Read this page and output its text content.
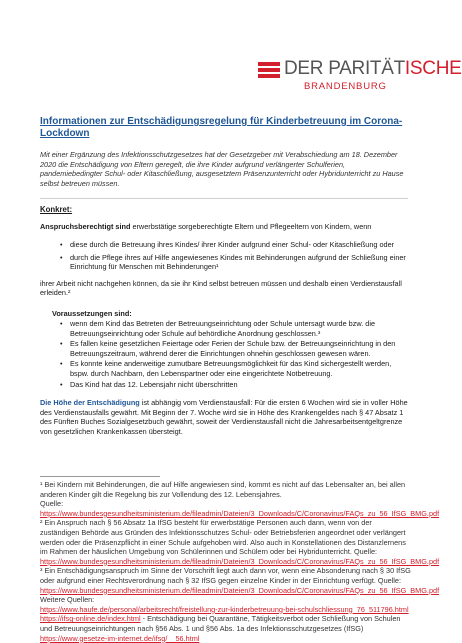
DER PARITÄTISCHE
BRANDENBURG
Informationen zur Entschädigungsregelung für Kinderbetreuung im Corona-Lockdown

Mit einer Ergänzung des Infektionsschutzgesetzes hat der Gesetzgeber mit Verabschiedung am 18. Dezember 2020 die Entschädigung von Eltern geregelt, die ihre Kinder aufgrund verlängerter Schulferien, pandemiebedingter Schul- oder Kitaschließung, ausgesetztem Präsenzunterricht oder Hybridunterricht zu Hause selbst betreuen müssen.

Konkret:

Anspruchsberechtigt sind erwerbstätige sorgeberechtigte Eltern und Pflegeeltern von Kindern, wenn

• diese durch die Betreuung ihres Kindes/ ihrer Kinder aufgrund einer Schul- oder Kitaschließung oder
• durch die Pflege ihres auf Hilfe angewiesenes Kindes mit Behinderungen aufgrund der Schließung einer Einrichtung für Menschen mit Behinderungen¹

ihrer Arbeit nicht nachgehen können, da sie ihr Kind selbst betreuen müssen und deshalb einen Verdienstausfall erleiden.²

Voraussetzungen sind:
• wenn dem Kind das Betreten der Betreuungseinrichtung oder Schule untersagt wurde bzw. die Betreuungseinrichtung oder Schule auf behördliche Anordnung geschlossen.³
• Es fallen keine gesetzlichen Feiertage oder Ferien der Schule bzw. der Betreuungseinrichtung in den Betreuungszeitraum, während derer die Einrichtungen ohnehin geschlossen gewesen wären.
• Es konnte keine anderweitige zumutbare Betreuungsmöglichkeit für das Kind sichergestellt werden, bspw. durch Nachbarn, den Lebenspartner oder eine eingerichtete Notbetreuung.
• Das Kind hat das 12. Lebensjahr nicht überschritten

Die Höhe der Entschädigung ist abhängig vom Verdienstausfall: Für die ersten 6 Wochen wird sie in voller Höhe des Verdienstausfalls gewährt. Mit Beginn der 7. Woche wird sie in Höhe des Krankengeldes nach § 47 Absatz 1 des Fünften Buches Sozialgesetzbuch gewährt, soweit der Verdienstausfall nicht die Jahresarbeitsentgeltgrenze von gesetzlichen Krankenkassen übersteigt.

¹ Bei Kindern mit Behinderungen, die auf Hilfe angewiesen sind, kommt es nicht auf das Lebensalter an, bei allen anderen Kinder gilt die Regelung bis zur Vollendung des 12. Lebensjahres.

Quelle: https://www.bundesgesundheitsministerium.de/fileadmin/Dateien/3_Downloads/C/Coronavirus/FAQs_zu_56_IfSG_BMG.pdf

² Ein Anspruch nach § 56 Absatz 1a IfSG besteht für erwerbstätige Personen auch dann, wenn von der zuständigen Behörde aus Gründen des Infektionsschutzes Schul- oder Betriebsferien angeordnet oder verlängert werden oder die Präsenzpflicht in einer Schule aufgehoben wird. Also auch in Konstellationen des Distanzlernens im Rahmen der häuslichen Umgebung von Schülerinnen und Schülern oder bei Hybridunterricht. Quelle:

https://www.bundesgesundheitsministerium.de/fileadmin/Dateien/3_Downloads/C/Coronavirus/FAQs_zu_56_IfSG_BMG.pdf

³ Ein Entschädigungsanspruch im Sinne der Vorschrift liegt auch dann vor, wenn eine Absonderung nach § 30 IfSG oder aufgrund einer Rechtsverordnung nach § 32 IfSG gegen einzelne Kinder in der Einrichtung verfügt. Quelle:

https://www.bundesgesundheitsministerium.de/fileadmin/Dateien/3_Downloads/C/Coronavirus/FAQs_zu_56_IfSG_BMG.pdf

Weitere Quellen:

https://www.haufe.de/personal/arbeitsrecht/freistellung-zur-kinderbetreuung-bei-schulschliessung_76_511796.html

https://ifsg-online.de/index.html - Entschädigung bei Quarantäne, Tätigkeitsverbot oder Schließung von Schulen und Betreuungseinrichtungen nach §56 Abs. 1 und §56 Abs. 1a des Infektionsschutzgesetzes (IfSG)

https://www.gesetze-im-internet.de/ifsg/__56.html
